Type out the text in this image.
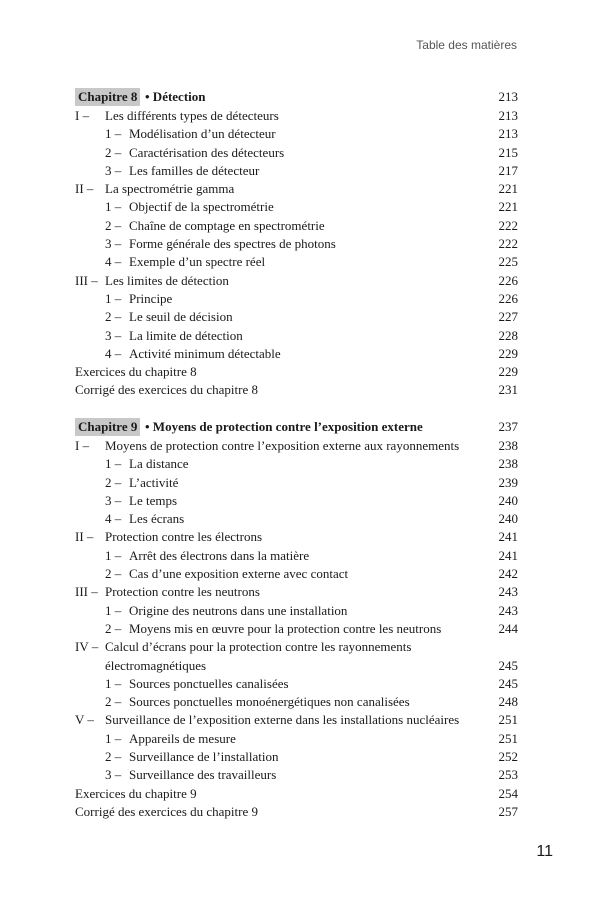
Table des matières
Chapitre 8 • Détection	213
I – Les différents types de détecteurs	213
1 – Modélisation d’un détecteur	213
2 – Caractérisation des détecteurs	215
3 – Les familles de détecteur	217
II – La spectrométrie gamma	221
1 – Objectif de la spectrométrie	221
2 – Chaîne de comptage en spectrométrie	222
3 – Forme générale des spectres de photons	222
4 – Exemple d’un spectre réel	225
III – Les limites de détection	226
1 – Principe	226
2 – Le seuil de décision	227
3 – La limite de détection	228
4 – Activité minimum détectable	229
Exercices du chapitre 8	229
Corrigé des exercices du chapitre 8	231
Chapitre 9 • Moyens de protection contre l’exposition externe	237
I – Moyens de protection contre l’exposition externe aux rayonnements	238
1 – La distance	238
2 – L’activité	239
3 – Le temps	240
4 – Les écrans	240
II – Protection contre les électrons	241
1 – Arrêt des électrons dans la matière	241
2 – Cas d’une exposition externe avec contact	242
III – Protection contre les neutrons	243
1 – Origine des neutrons dans une installation	243
2 – Moyens mis en œuvre pour la protection contre les neutrons	244
IV – Calcul d’écrans pour la protection contre les rayonnements électromagnétiques	245
1 – Sources ponctuelles canalisées	245
2 – Sources ponctuelles monoénergétiques non canalisées	248
V – Surveillance de l’exposition externe dans les installations nucléaires	251
1 – Appareils de mesure	251
2 – Surveillance de l’installation	252
3 – Surveillance des travailleurs	253
Exercices du chapitre 9	254
Corrigé des exercices du chapitre 9	257
11
